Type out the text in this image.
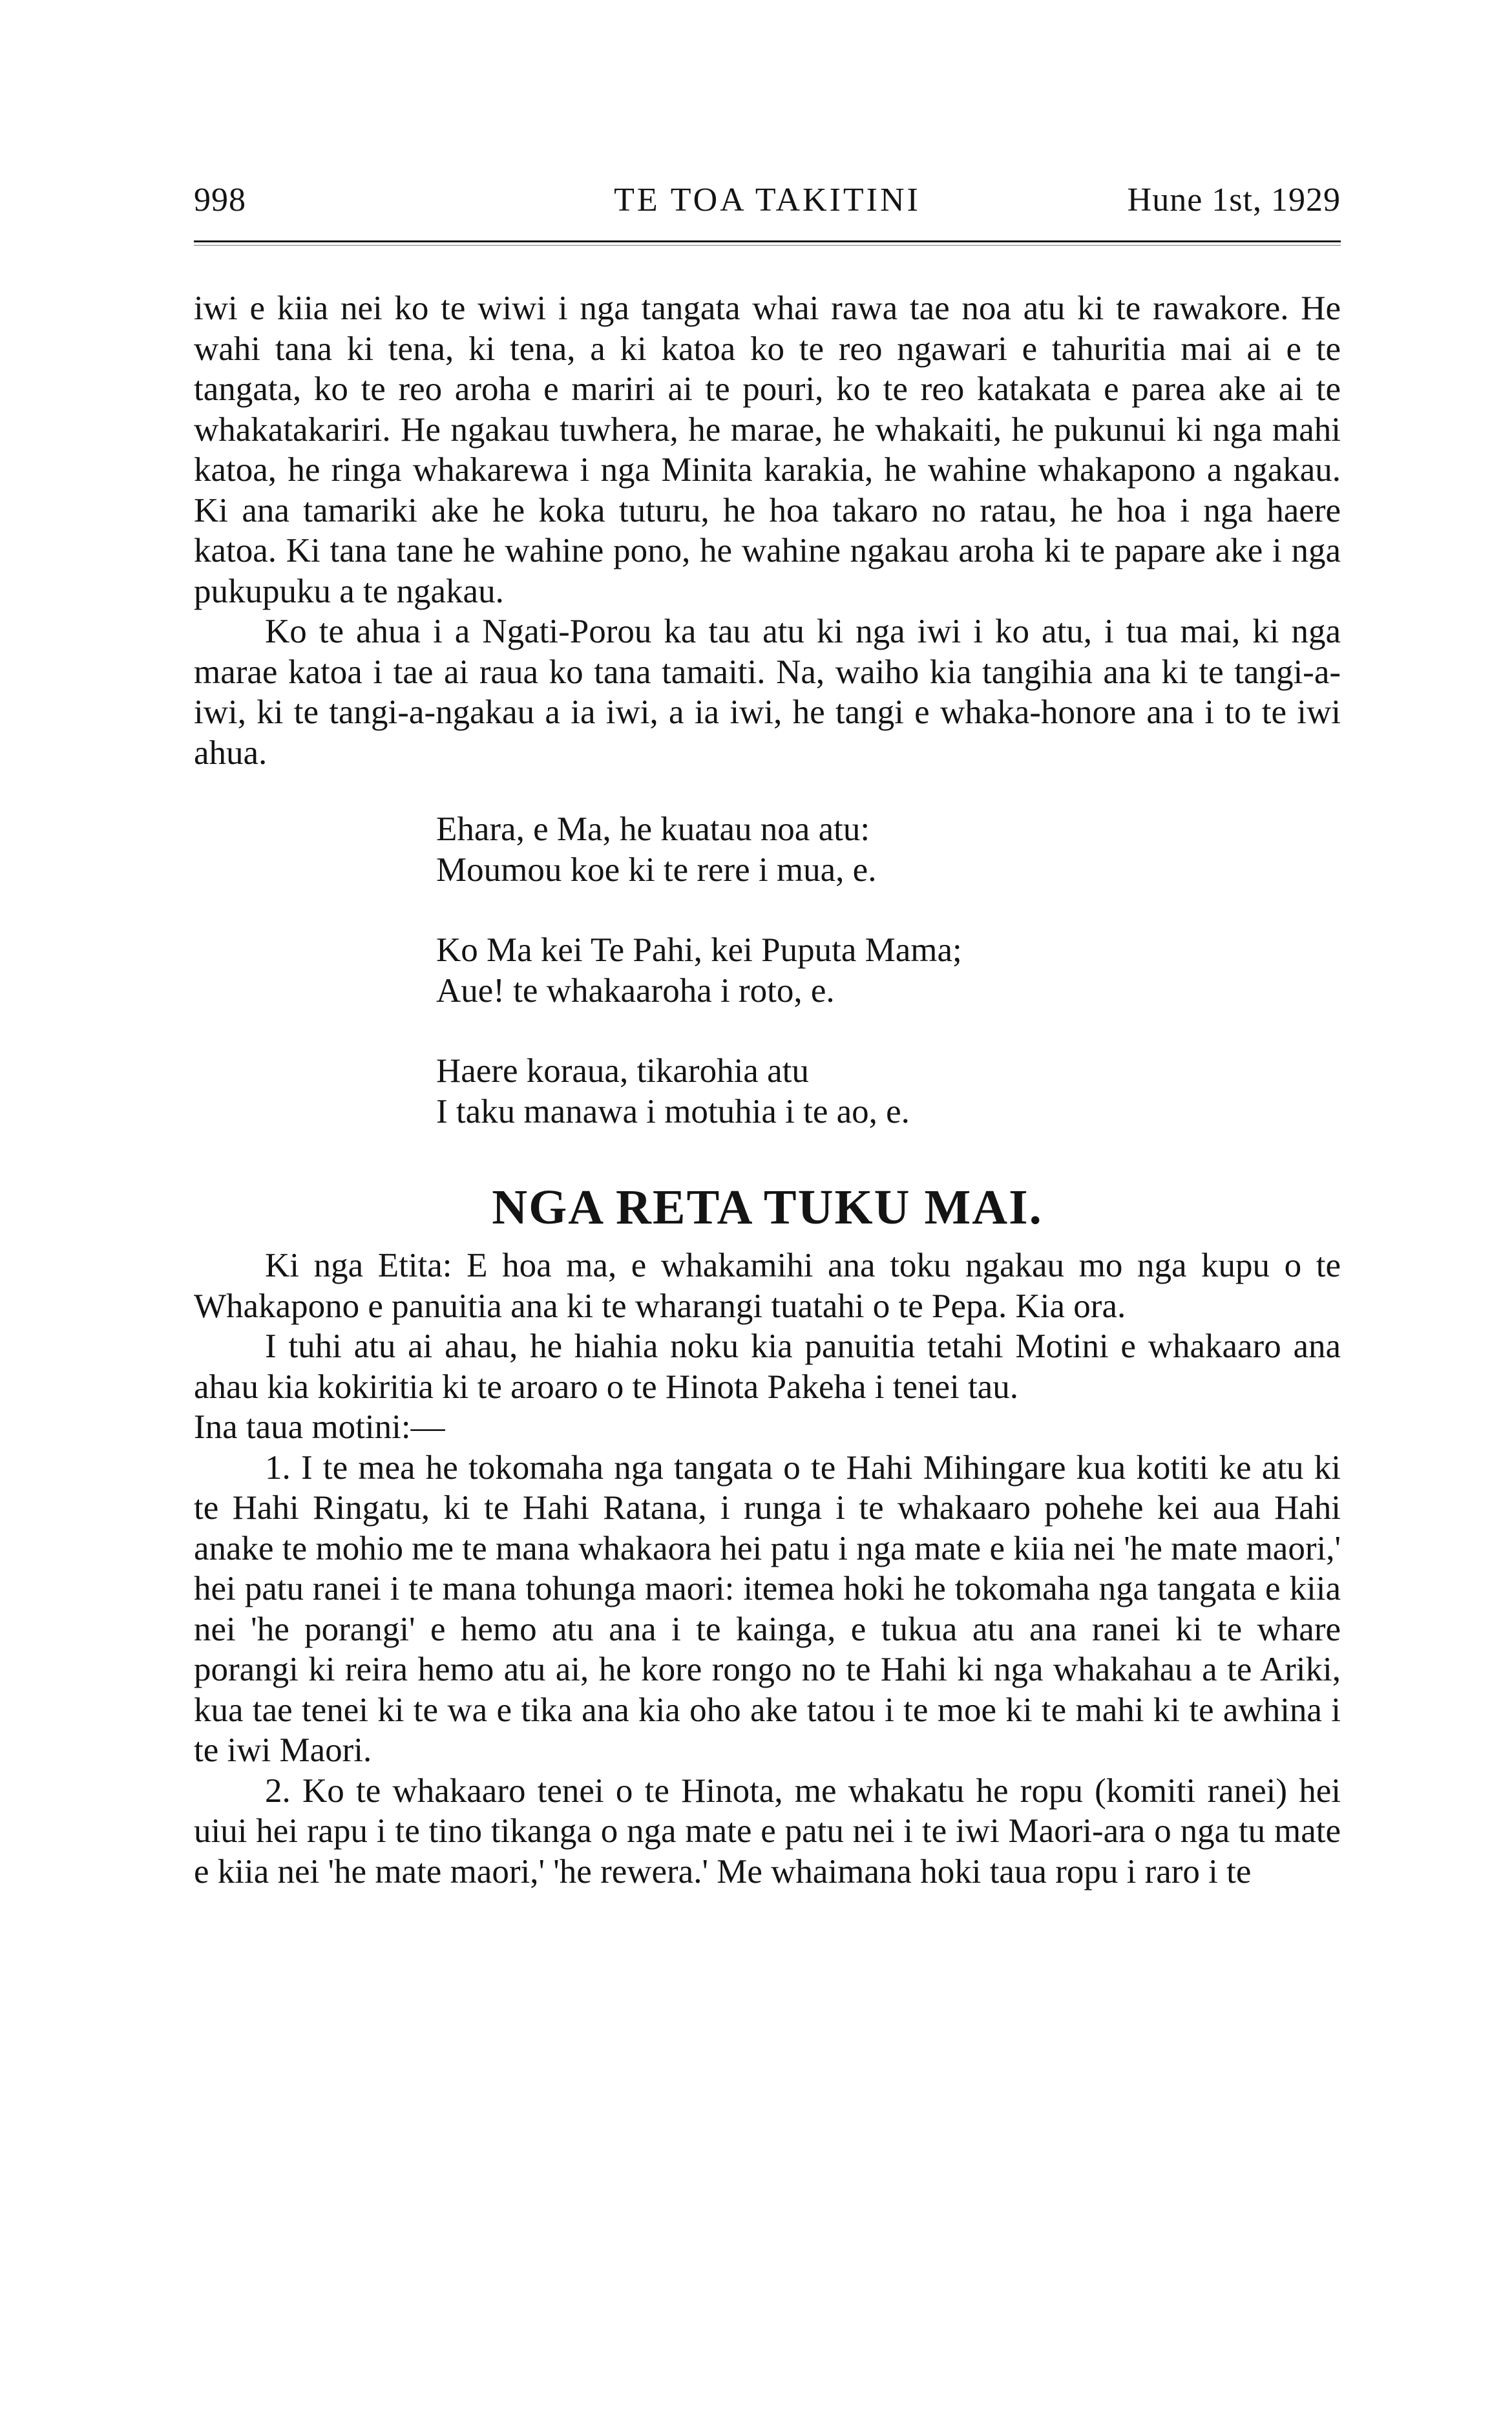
998	TE TOA TAKITINI	Hune 1st, 1929

iwi e kiia nei ko te wiwi i nga tangata whai rawa tae noa atu ki te rawakore. He wahi tana ki tena, ki tena, a ki katoa ko te reo ngawari e tahuritia mai ai e te tangata, ko te reo aroha e mariri ai te pouri, ko te reo katakata e parea ake ai te whakatakariri. He ngakau tuwhera, he marae, he whakaiti, he pukunui ki nga mahi katoa, he ringa whakarewa i nga Minita karakia, he wahine whakapono a ngakau. Ki ana tamariki ake he koka tuturu, he hoa takaro no ratau, he hoa i nga haere katoa. Ki tana tane he wahine pono, he wahine ngakau aroha ki te papare ake i nga pukupuku a te ngakau.

Ko te ahua i a Ngati-Porou ka tau atu ki nga iwi i ko atu, i tua mai, ki nga marae katoa i tae ai raua ko tana tamaiti. Na, waiho kia tangihia ana ki te tangi-a-iwi, ki te tangi-a-ngakau a ia iwi, a ia iwi, he tangi e whaka-honore ana i to te iwi ahua.

Ehara, e Ma, he kuatau noa atu:
Moumou koe ki te rere i mua, e.
Ko Ma kei Te Pahi, kei Puputa Mama;
Aue! te whakaaroha i roto, e.
Haere koraua, tikarohia atu
I taku manawa i motuhia i te ao, e.
NGA RETA TUKU MAI.

Ki nga Etita: E hoa ma, e whakamihi ana toku ngakau mo nga kupu o te Whakapono e panuitia ana ki te wharangi tuatahi o te Pepa. Kia ora.

I tuhi atu ai ahau, he hiahia noku kia panuitia tetahi Motini e whakaaro ana ahau kia kokiritia ki te aroaro o te Hinota Pakeha i tenei tau.

Ina taua motini:—

1. I te mea he tokomaha nga tangata o te Hahi Mihingare kua kotiti ke atu ki te Hahi Ringatu, ki te Hahi Ratana, i runga i te whakaaro pohehe kei aua Hahi anake te mohio me te mana whakaora hei patu i nga mate e kiia nei 'he mate maori,' hei patu ranei i te mana tohunga maori: itemea hoki he tokomaha nga tangata e kiia nei 'he porangi' e hemo atu ana i te kainga, e tukua atu ana ranei ki te whare porangi ki reira hemo atu ai, he kore rongo no te Hahi ki nga whakahau a te Ariki, kua tae tenei ki te wa e tika ana kia oho ake tatou i te moe ki te mahi ki te awhina i te iwi Maori.

2. Ko te whakaaro tenei o te Hinota, me whakatu he ropu (komiti ranei) hei uiui hei rapu i te tino tikanga o nga mate e patu nei i te iwi Maori-ara o nga tu mate e kiia nei 'he mate maori,' 'he rewera.' Me whaimana hoki taua ropu i raro i te
